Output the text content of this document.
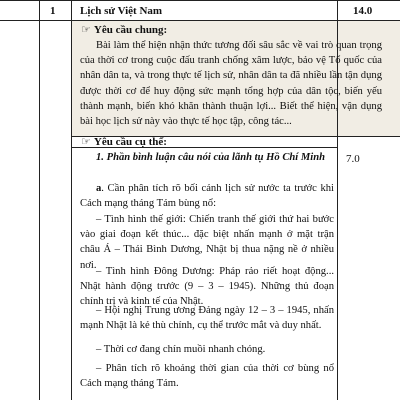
1 Lịch sử Việt Nam	14.0
☞ Yêu cầu chung:

Bài làm thể hiện nhận thức tương đối sâu sắc về vai trò quan trọng của thời cơ trong cuộc đấu tranh chống xâm lược, bảo vệ Tổ quốc của nhân dân ta, và trong thực tế lịch sử, nhân dân ta đã nhiều lần tận dụng được thời cơ để huy động sức mạnh tổng hợp của dân tộc, biến yếu thành mạnh, biến khó khăn thành thuận lợi... Biết thể hiện, vận dụng bài học lịch sử này vào thực tế học tập, công tác...

☞ Yêu cầu cụ thể:

1. Phần bình luận câu nói của lãnh tụ Hồ Chí Minh	7.0

a. Cần phân tích rõ bối cảnh lịch sử nước ta trước khi Cách mạng tháng Tám bùng nổ:

– Tình hình thế giới: Chiến tranh thế giới thứ hai bước vào giai đoạn kết thúc... đặc biệt nhấn mạnh ở mặt trận châu Á – Thái Bình Dương, Nhật bị thua nặng nề ở nhiều nơi.

– Tình hình Đông Dương: Pháp rảo riết hoạt động... Nhật hành động trước (9 – 3 – 1945). Những thủ đoạn chính trị và kinh tế của Nhật.

– Hội nghị Trung ương Đảng ngày 12 – 3 – 1945, nhấn mạnh Nhật là kẻ thù chính, cụ thể trước mắt và duy nhất.

– Thời cơ đang chín muồi nhanh chóng.

– Phân tích rõ khoảng thời gian của thời cơ bùng nổ Cách mạng tháng Tám.
